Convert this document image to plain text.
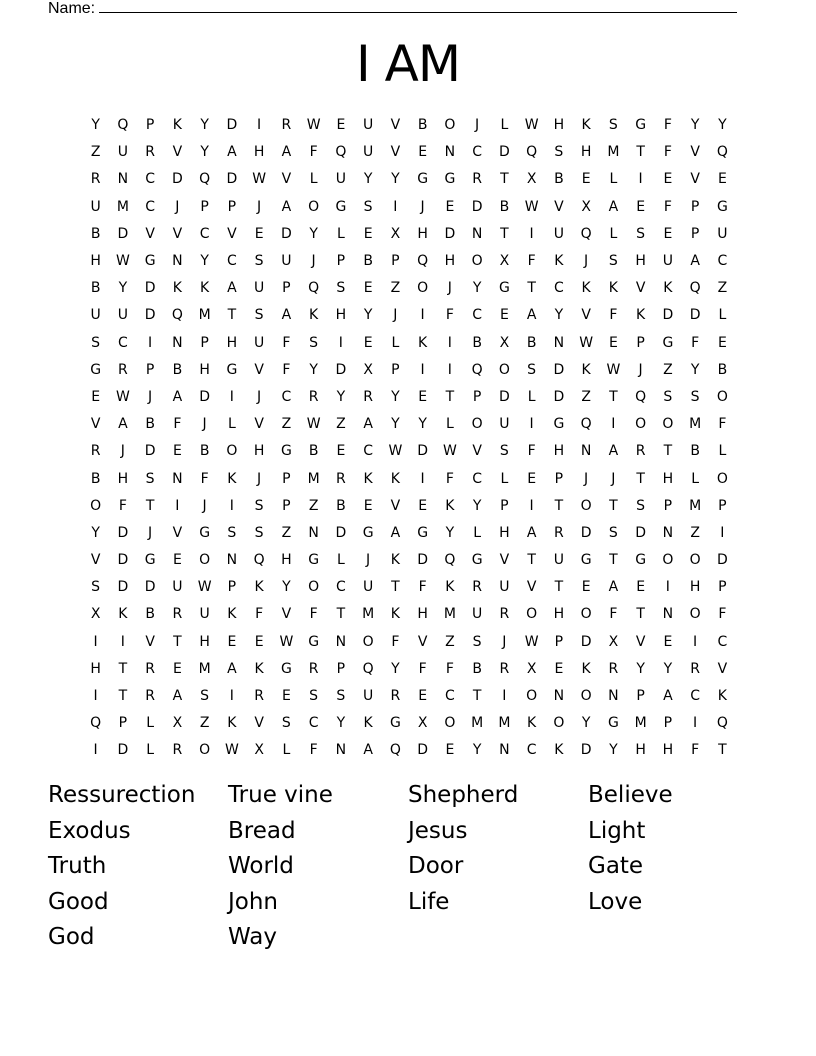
Name:
I AM
Y	Q	P	K	Y	D	I	R	W	E	U	V	B	O	J	L	W	H	K	S	G	F	Y	Y
Z	U	R	V	Y	A	H	A	F	Q	U	V	E	N	C	D	Q	S	H	M	T	F	V	Q
R	N	C	D	Q	D	W	V	L	U	Y	Y	G	G	R	T	X	B	E	L	I	E	V	E
U	M	C	J	P	P	J	A	O	G	S	I	J	E	D	B	W	V	X	A	E	F	P	G
B	D	V	V	C	V	E	D	Y	L	E	X	H	D	N	T	I	U	Q	L	S	E	P	U
H	W	G	N	Y	C	S	U	J	P	B	P	Q	H	O	X	F	K	J	S	H	U	A	C
B	Y	D	K	K	A	U	P	Q	S	E	Z	O	J	Y	G	T	C	K	K	V	K	Q	Z
U	U	D	Q	M	T	S	A	K	H	Y	J	I	F	C	E	A	Y	V	F	K	D	D	L
S	C	I	N	P	H	U	F	S	I	E	L	K	I	B	X	B	N	W	E	P	G	F	E
G	R	P	B	H	G	V	F	Y	D	X	P	I	I	Q	O	S	D	K	W	J	Z	Y	B
E	W	J	A	D	I	J	C	R	Y	R	Y	E	T	P	D	L	D	Z	T	Q	S	S	O
V	A	B	F	J	L	V	Z	W	Z	A	Y	Y	L	O	U	I	G	Q	I	O	O	M	F
R	J	D	E	B	O	H	G	B	E	C	W	D	W	V	S	F	H	N	A	R	T	B	L
B	H	S	N	F	K	J	P	M	R	K	K	I	F	C	L	E	P	J	J	T	H	L	O
O	F	T	I	J	I	S	P	Z	B	E	V	E	K	Y	P	I	T	O	T	S	P	M	P
Y	D	J	V	G	S	S	Z	N	D	G	A	G	Y	L	H	A	R	D	S	D	N	Z	I
V	D	G	E	O	N	Q	H	G	L	J	K	D	Q	G	V	T	U	G	T	G	O	O	D
S	D	D	U	W	P	K	Y	O	C	U	T	F	K	R	U	V	T	E	A	E	I	H	P
X	K	B	R	U	K	F	V	F	T	M	K	H	M	U	R	O	H	O	F	T	N	O	F
I	I	V	T	H	E	E	W	G	N	O	F	V	Z	S	J	W	P	D	X	V	E	I	C
H	T	R	E	M	A	K	G	R	P	Q	Y	F	F	B	R	X	E	K	R	Y	Y	R	V
I	T	R	A	S	I	R	E	S	S	U	R	E	C	T	I	O	N	O	N	P	A	C	K
Q	P	L	X	Z	K	V	S	C	Y	K	G	X	O	M	M	K	O	Y	G	M	P	I	Q
I	D	L	R	O	W	X	L	F	N	A	Q	D	E	Y	N	C	K	D	Y	H	H	F	T
Ressurection	True vine	Shepherd	Believe
Exodus	Bread	Jesus	Light
Truth	World	Door	Gate
Good	John	Life	Love
God	Way
